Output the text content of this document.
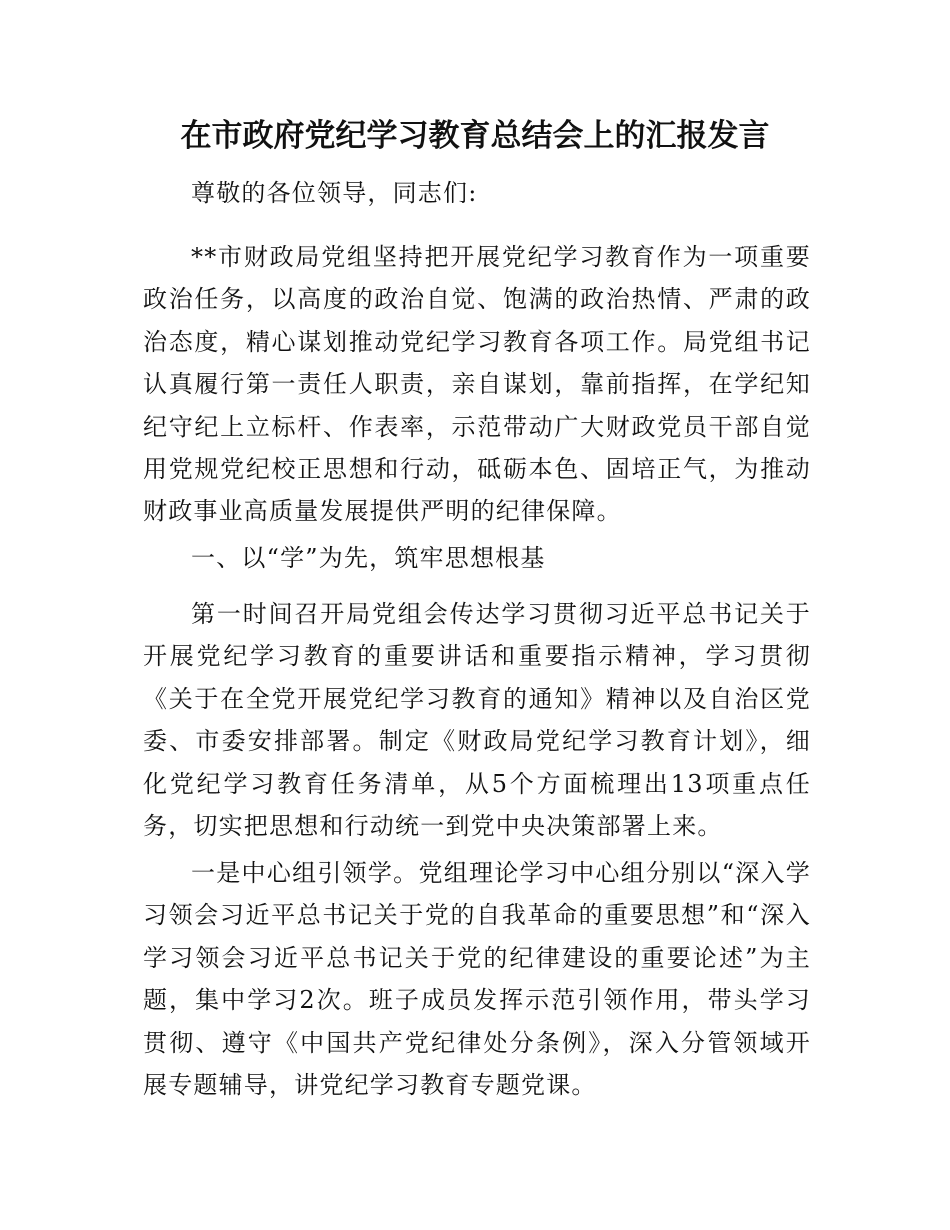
在市政府党纪学习教育总结会上的汇报发言

尊敬的各位领导，同志们:

**市财政局党组坚持把开展党纪学习教育作为一项重要政治任务，以高度的政治自觉、饱满的政治热情、严肃的政治态度，精心谋划推动党纪学习教育各项工作。局党组书记认真履行第一责任人职责，亲自谋划，靠前指挥，在学纪知纪守纪上立标杆、作表率，示范带动广大财政党员干部自觉用党规党纪校正思想和行动，砥砺本色、固培正气，为推动财政事业高质量发展提供严明的纪律保障。

一、以“学”为先，筑牢思想根基

第一时间召开局党组会传达学习贯彻习近平总书记关于开展党纪学习教育的重要讲话和重要指示精神，学习贯彻《关于在全党开展党纪学习教育的通知》精神以及自治区党委、市委安排部署。制定《财政局党纪学习教育计划》，细化党纪学习教育任务清单，从5个方面梳理出13项重点任务，切实把思想和行动统一到党中央决策部署上来。

一是中心组引领学。党组理论学习中心组分别以“深入学习领会习近平总书记关于党的自我革命的重要思想”和“深入学习领会习近平总书记关于党的纪律建设的重要论述”为主题，集中学习2次。班子成员发挥示范引领作用，带头学习贯彻、遵守《中国共产党纪律处分条例》，深入分管领域开展专题辅导，讲党纪学习教育专题党课。
